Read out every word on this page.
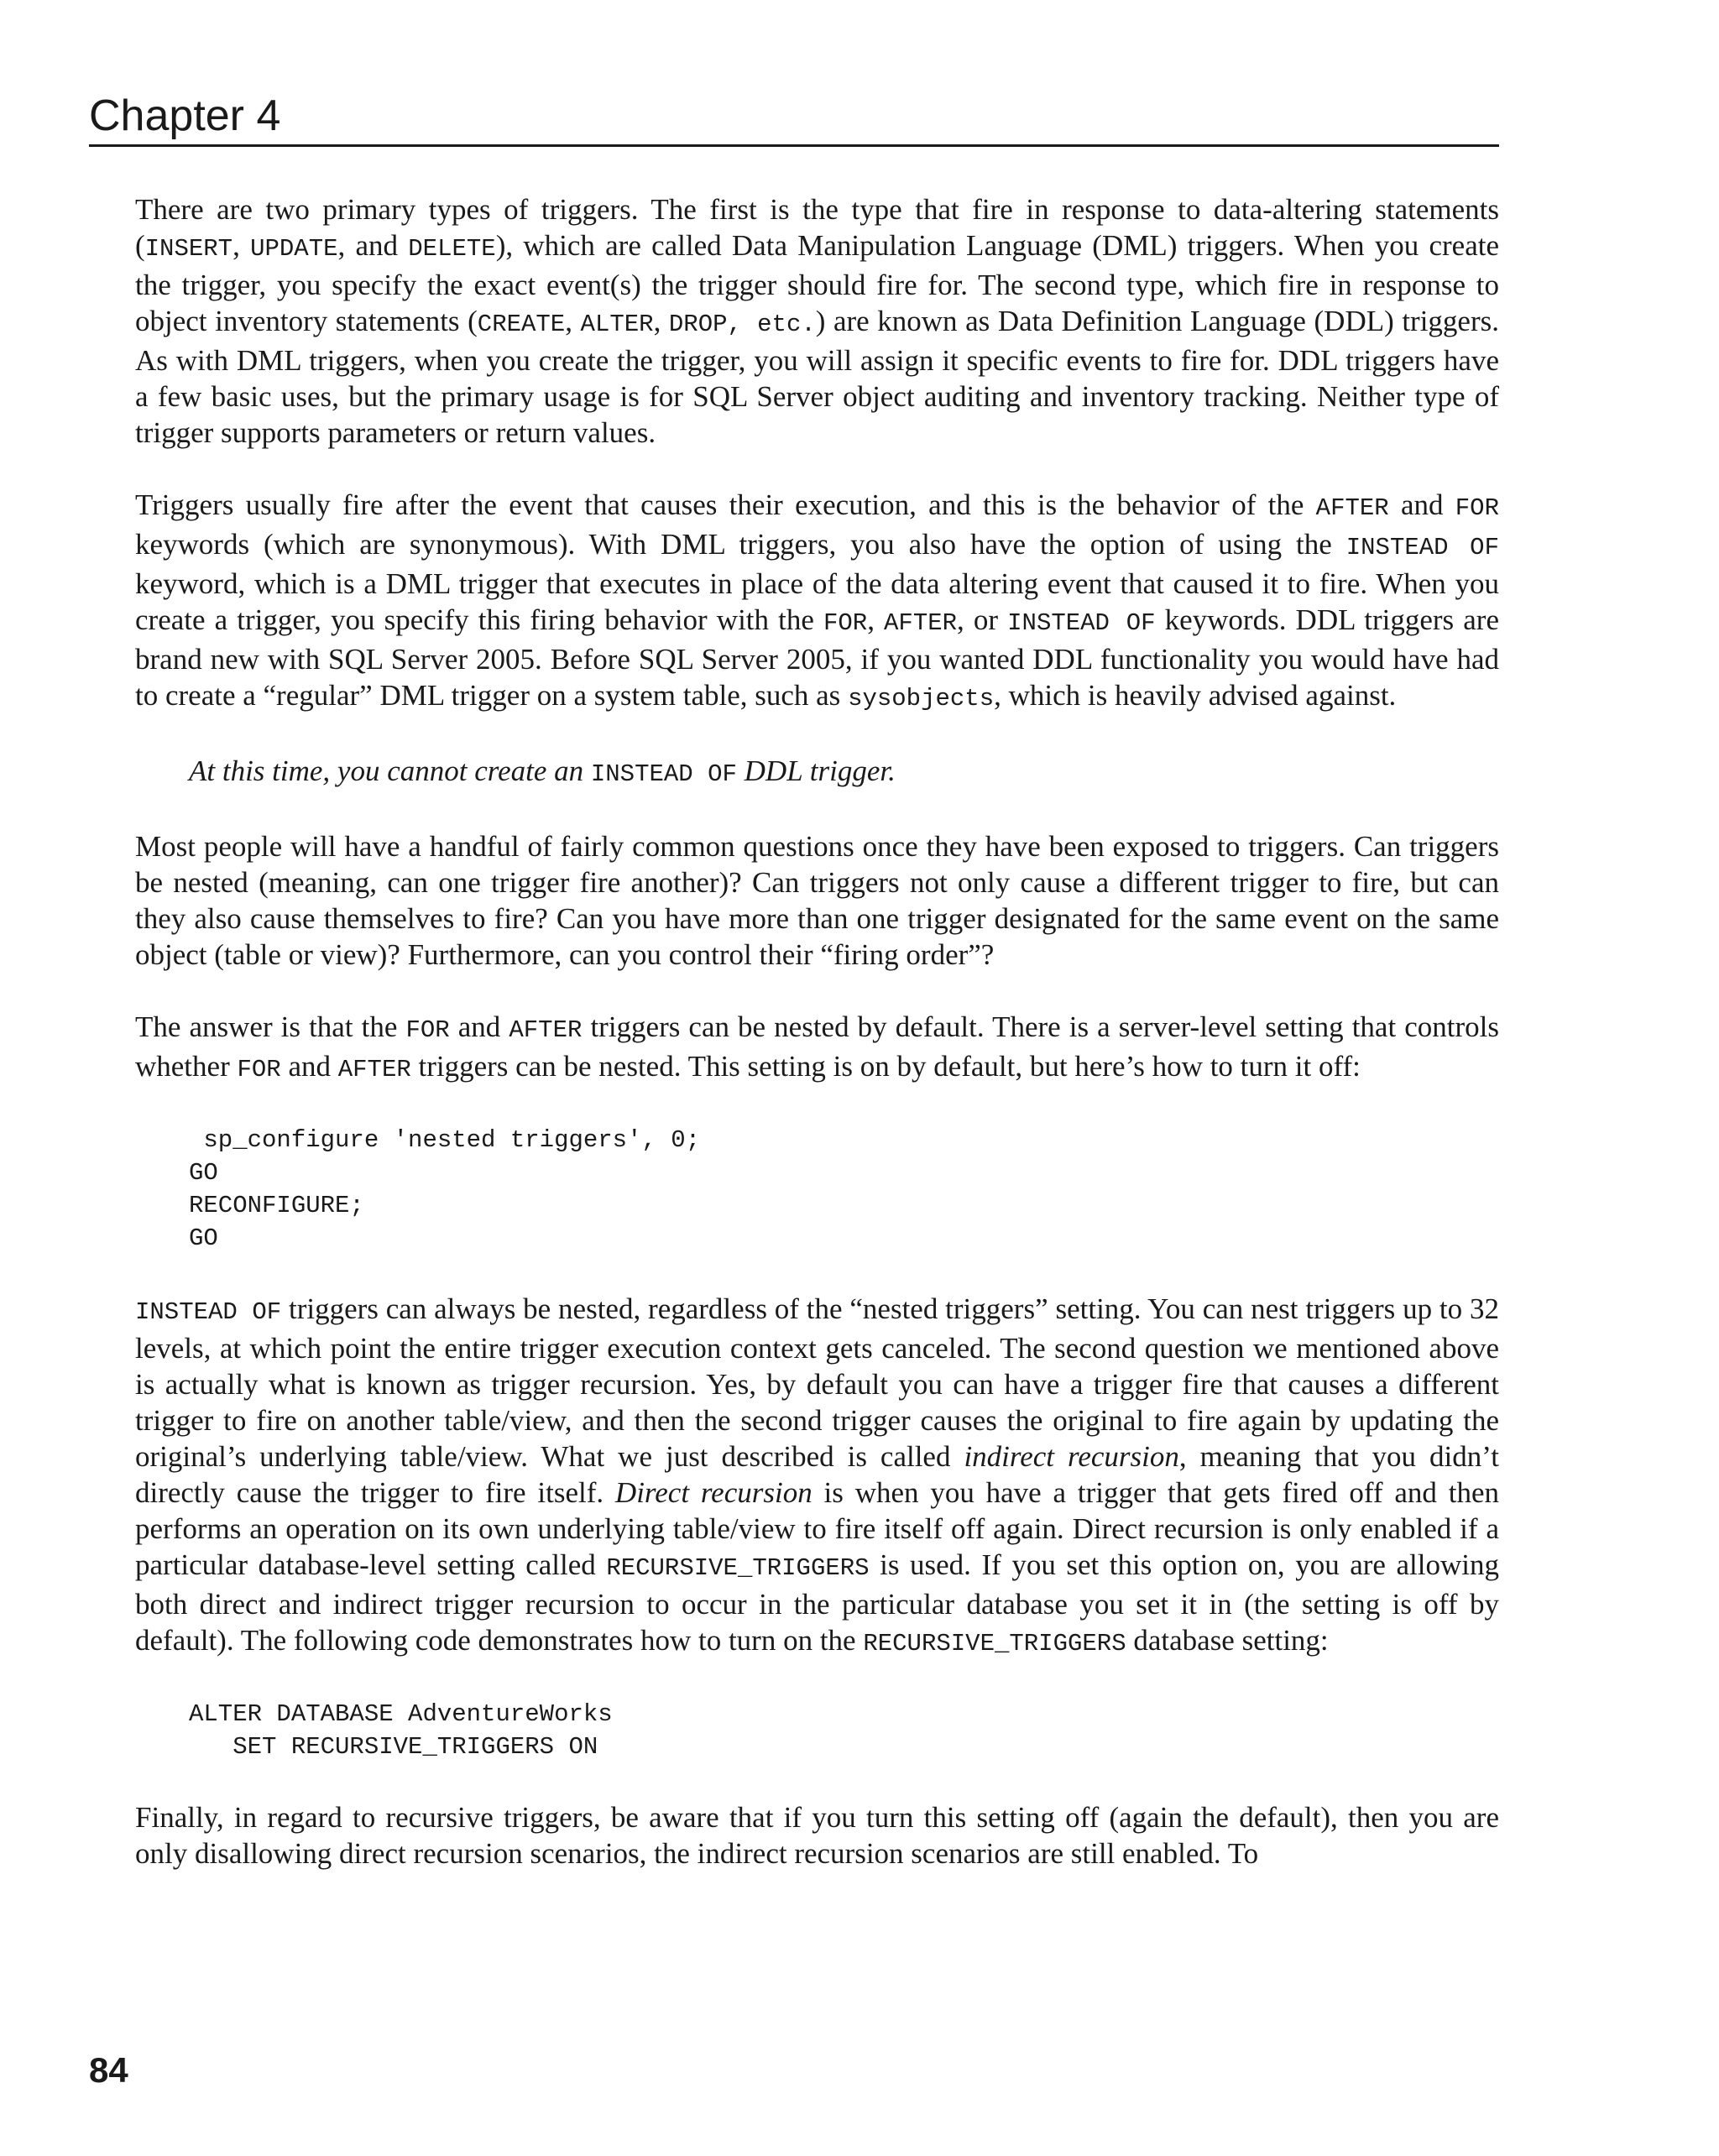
Chapter 4

There are two primary types of triggers. The first is the type that fire in response to data-altering statements (INSERT, UPDATE, and DELETE), which are called Data Manipulation Language (DML) triggers. When you create the trigger, you specify the exact event(s) the trigger should fire for. The second type, which fire in response to object inventory statements (CREATE, ALTER, DROP, etc.) are known as Data Definition Language (DDL) triggers. As with DML triggers, when you create the trigger, you will assign it specific events to fire for. DDL triggers have a few basic uses, but the primary usage is for SQL Server object auditing and inventory tracking. Neither type of trigger supports parameters or return values.

Triggers usually fire after the event that causes their execution, and this is the behavior of the AFTER and FOR keywords (which are synonymous). With DML triggers, you also have the option of using the INSTEAD OF keyword, which is a DML trigger that executes in place of the data altering event that caused it to fire. When you create a trigger, you specify this firing behavior with the FOR, AFTER, or INSTEAD OF keywords. DDL triggers are brand new with SQL Server 2005. Before SQL Server 2005, if you wanted DDL functionality you would have had to create a “regular” DML trigger on a system table, such as sysobjects, which is heavily advised against.

At this time, you cannot create an INSTEAD OF DDL trigger.

Most people will have a handful of fairly common questions once they have been exposed to triggers. Can triggers be nested (meaning, can one trigger fire another)? Can triggers not only cause a different trigger to fire, but can they also cause themselves to fire? Can you have more than one trigger designated for the same event on the same object (table or view)? Furthermore, can you control their “firing order”?

The answer is that the FOR and AFTER triggers can be nested by default. There is a server-level setting that controls whether FOR and AFTER triggers can be nested. This setting is on by default, but here’s how to turn it off:

sp_configure 'nested triggers', 0;
GO
RECONFIGURE;
GO

INSTEAD OF triggers can always be nested, regardless of the “nested triggers” setting. You can nest triggers up to 32 levels, at which point the entire trigger execution context gets canceled. The second question we mentioned above is actually what is known as trigger recursion. Yes, by default you can have a trigger fire that causes a different trigger to fire on another table/view, and then the second trigger causes the original to fire again by updating the original’s underlying table/view. What we just described is called indirect recursion, meaning that you didn’t directly cause the trigger to fire itself. Direct recursion is when you have a trigger that gets fired off and then performs an operation on its own underlying table/view to fire itself off again. Direct recursion is only enabled if a particular database-level setting called RECURSIVE_TRIGGERS is used. If you set this option on, you are allowing both direct and indirect trigger recursion to occur in the particular database you set it in (the setting is off by default). The following code demonstrates how to turn on the RECURSIVE_TRIGGERS database setting:

ALTER DATABASE AdventureWorks
SET RECURSIVE_TRIGGERS ON

Finally, in regard to recursive triggers, be aware that if you turn this setting off (again the default), then you are only disallowing direct recursion scenarios, the indirect recursion scenarios are still enabled. To

84
